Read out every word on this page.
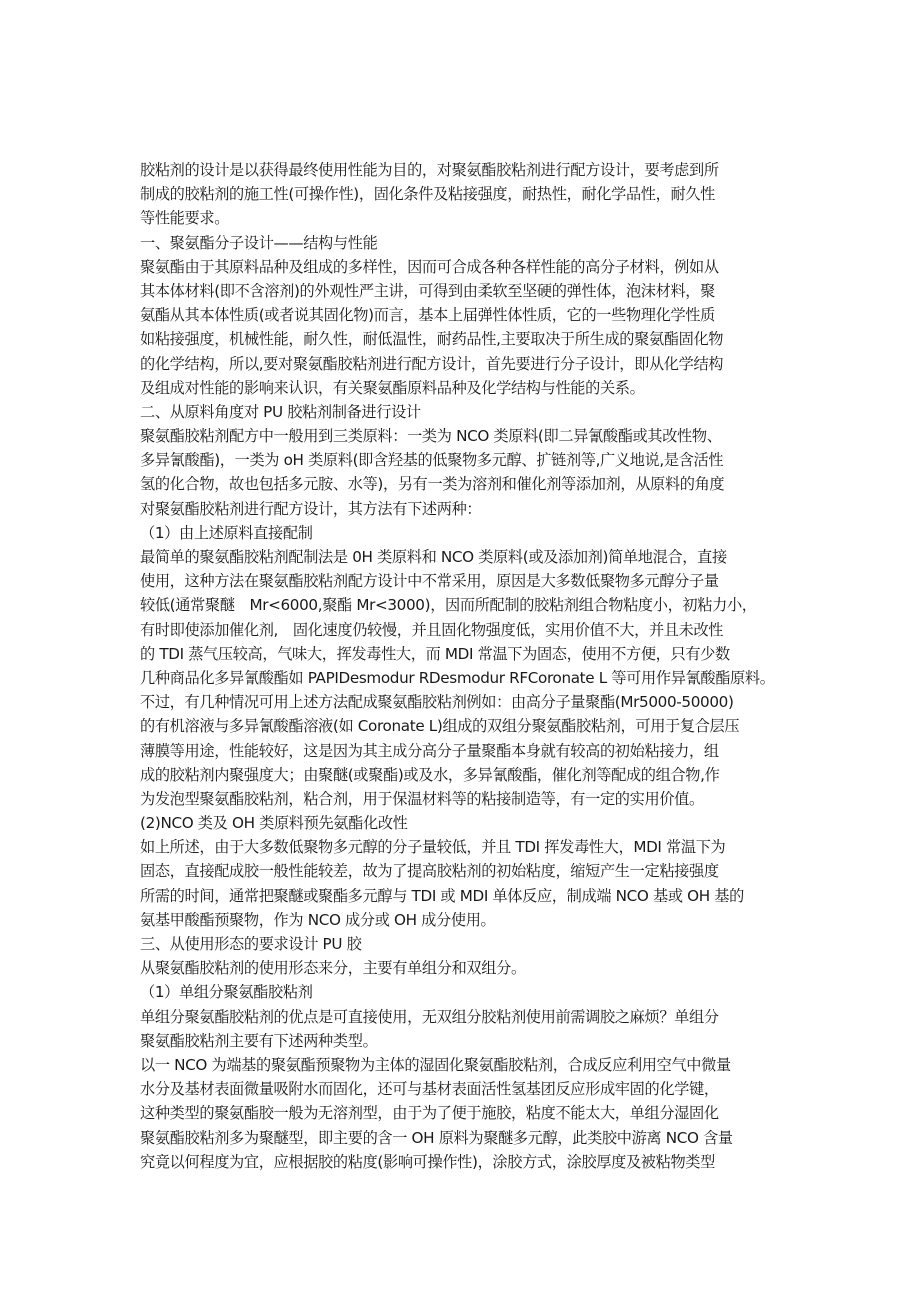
胶粘剂的设计是以获得最终使用性能为目的，对聚氨酯胶粘剂进行配方设计，要考虑到所
制成的胶粘剂的施工性(可操作性)，固化条件及粘接强度，耐热性，耐化学品性，耐久性
等性能要求。
一、聚氨酯分子设计——结构与性能
聚氨酯由于其原料品种及组成的多样性，因而可合成各种各样性能的高分子材料，例如从
其本体材料(即不含溶剂)的外观性严主讲，可得到由柔软至坚硬的弹性体，泡沫材料，聚
氨酯从其本体性质(或者说其固化物)而言，基本上届弹性体性质，它的一些物理化学性质
如粘接强度，机械性能，耐久性，耐低温性，耐药品性,主要取决于所生成的聚氨酯固化物
的化学结构，所以,要对聚氨酯胶粘剂进行配方设计，首先要进行分子设计，即从化学结构
及组成对性能的影响来认识，有关聚氨酯原料品种及化学结构与性能的关系。
二、从原料角度对 PU 胶粘剂制备进行设计
聚氨酯胶粘剂配方中一般用到三类原料：一类为 NCO 类原料(即二异氰酸酯或其改性物、
多异氰酸酯)，一类为 oH 类原料(即含羟基的低聚物多元醇、扩链剂等,广义地说,是含活性
氢的化合物，故也包括多元胺、水等)，另有一类为溶剂和催化剂等添加剂，从原料的角度
对聚氨酯胶粘剂进行配方设计，其方法有下述两种：
（1）由上述原料直接配制
最简单的聚氨酯胶粘剂配制法是 0H 类原料和 NCO 类原料(或及添加剂)简单地混合，直接
使用，这种方法在聚氨酯胶粘剂配方设计中不常采用，原因是大多数低聚物多元醇分子量
较低(通常聚醚　Mr<6000,聚酯 Mr<3000)，因而所配制的胶粘剂组合物粘度小，初粘力小，
有时即使添加催化剂,　固化速度仍较慢，并且固化物强度低，实用价值不大，并且未改性
的 TDI 蒸气压较高，气味大，挥发毒性大，而 MDI 常温下为固态，使用不方便，只有少数
几种商品化多异氰酸酯如 PAPIDesmodur RDesmodur RFCoronate L 等可用作异氰酸酯原料。
不过，有几种情况可用上述方法配成聚氨酯胶粘剂例如：由高分子量聚酯(Mr5000-50000)
的有机溶液与多异氰酸酯溶液(如 Coronate L)组成的双组分聚氨酯胶粘剂，可用于复合层压
薄膜等用途，性能较好，这是因为其主成分高分子量聚酯本身就有较高的初始粘接力，组
成的胶粘剂内聚强度大；由聚醚(或聚酯)或及水，多异氰酸酯，催化剂等配成的组合物,作
为发泡型聚氨酯胶粘剂，粘合剂，用于保温材料等的粘接制造等，有一定的实用价值。
(2)NCO 类及 OH 类原料预先氨酯化改性
如上所述，由于大多数低聚物多元醇的分子量较低，并且 TDI 挥发毒性大，MDI 常温下为
固态，直接配成胶一般性能较差，故为了提高胶粘剂的初始粘度，缩短产生一定粘接强度
所需的时间，通常把聚醚或聚酯多元醇与 TDI 或 MDI 单体反应，制成端 NCO 基或 OH 基的
氨基甲酸酯预聚物，作为 NCO 成分或 OH 成分使用。
三、从使用形态的要求设计 PU 胶
从聚氨酯胶粘剂的使用形态来分，主要有单组分和双组分。
（1）单组分聚氨酯胶粘剂
单组分聚氨酯胶粘剂的优点是可直接使用，无双组分胶粘剂使用前需调胶之麻烦？单组分
聚氨酯胶粘剂主要有下述两种类型。
以一 NCO 为端基的聚氨酯预聚物为主体的湿固化聚氨酯胶粘剂，合成反应利用空气中微量
水分及基材表面微量吸附水而固化，还可与基材表面活性氢基团反应形成牢固的化学键，
这种类型的聚氨酯胶一般为无溶剂型，由于为了便于施胶，粘度不能太大，单组分湿固化
聚氨酯胶粘剂多为聚醚型，即主要的含一 OH 原料为聚醚多元醇，此类胶中游离 NCO 含量
究竟以何程度为宜，应根据胶的粘度(影响可操作性)，涂胶方式，涂胶厚度及被粘物类型
